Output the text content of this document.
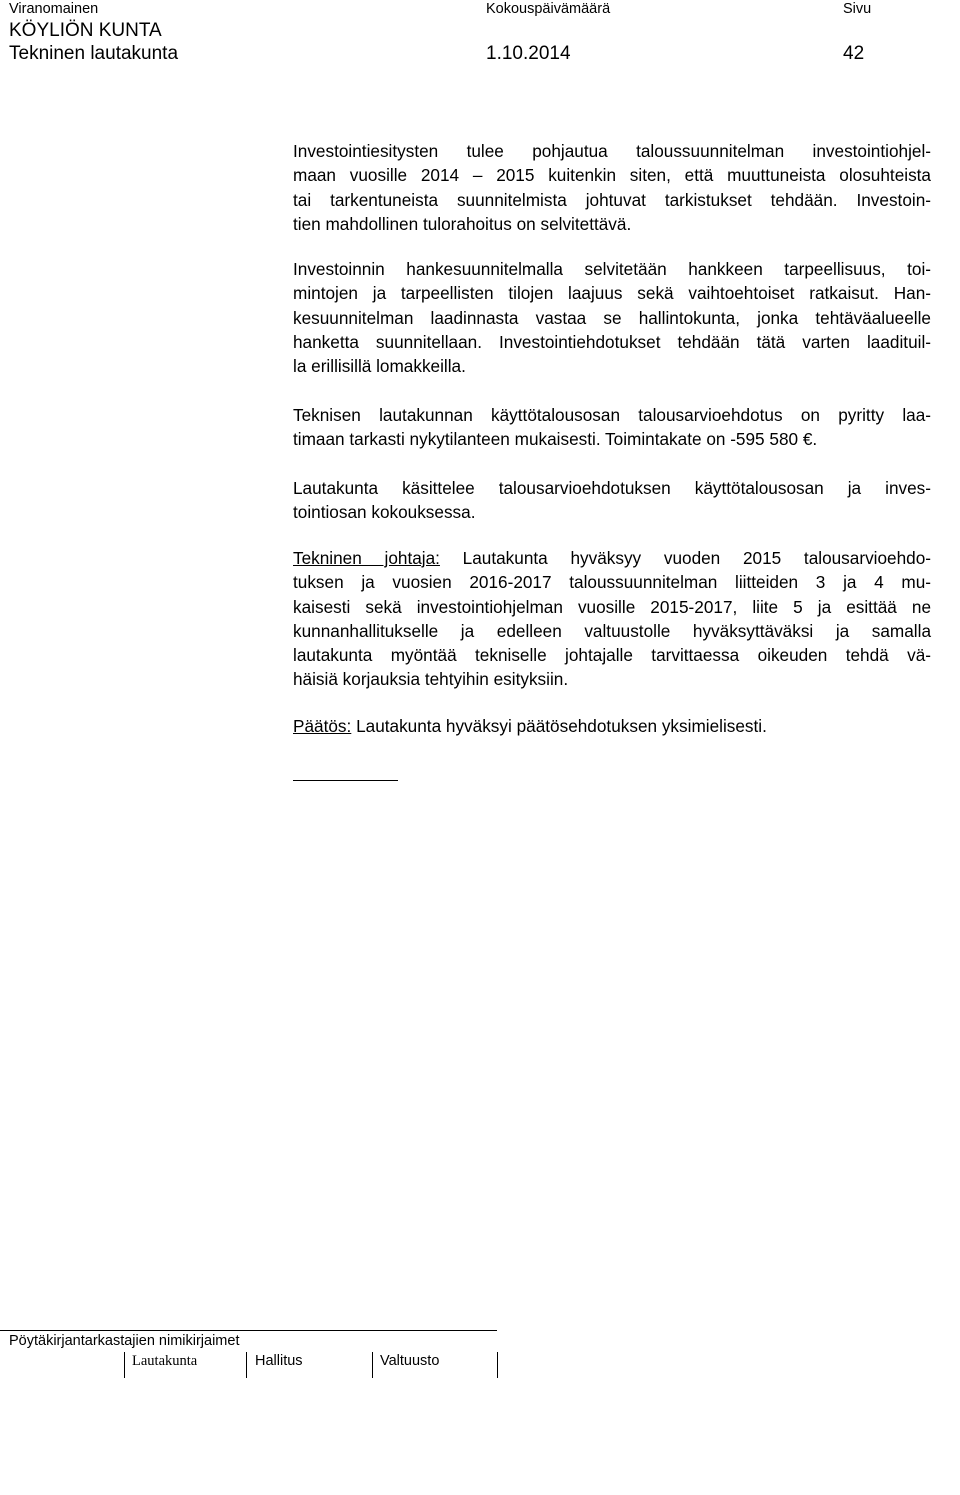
Viranomainen	Kokouspäivämäärä	Sivu
KÖYLIÖN KUNTA
Tekninen lautakunta	1.10.2014	42
Investointiesitysten tulee pohjautua taloussuunnitelman investointiohjel-
maan vuosille 2014 – 2015 kuitenkin siten, että muuttuneista olosuhteista
tai tarkentuneista suunnitelmista johtuvat tarkistukset tehdään. Investoin-
tien mahdollinen tulorahoitus on selvitettävä.
Investoinnin hankesuunnitelmalla selvitetään hankkeen tarpeellisuus, toi-
mintojen ja tarpeellisten tilojen laajuus sekä vaihtoehtoiset ratkaisut. Han-
kesuunnitelman laadinnasta vastaa se hallintokunta, jonka tehtäväalueelle
hanketta suunnitellaan. Investointiehdotukset tehdään tätä varten laadituil-
la erillisillä lomakkeilla.
Teknisen lautakunnan käyttötalousosan talousarvioehdotus on pyritty laa-
timaan tarkasti nykytilanteen mukaisesti. Toimintakate on -595 580 €.
Lautakunta käsittelee talousarvioehdotuksen käyttötalousosan ja inves-
tointiosan kokouksessa.
Tekninen johtaja: Lautakunta hyväksyy vuoden 2015 talousarvioehdo-
tuksen ja vuosien 2016-2017 taloussuunnitelman liitteiden 3 ja 4 mu-
kaisesti sekä investointiohjelman vuosille 2015-2017, liite 5 ja esittää ne
kunnanhallitukselle ja edelleen valtuustolle hyväksyttäväksi ja samalla
lautakunta myöntää tekniselle johtajalle tarvittaessa oikeuden tehdä vä-
häisiä korjauksia tehtyihin esityksiin.
Päätös: Lautakunta hyväksyi päätösehdotuksen yksimielisesti.
Pöytäkirjantarkastajien nimikirjaimet
Lautakunta	Hallitus	Valtuusto
